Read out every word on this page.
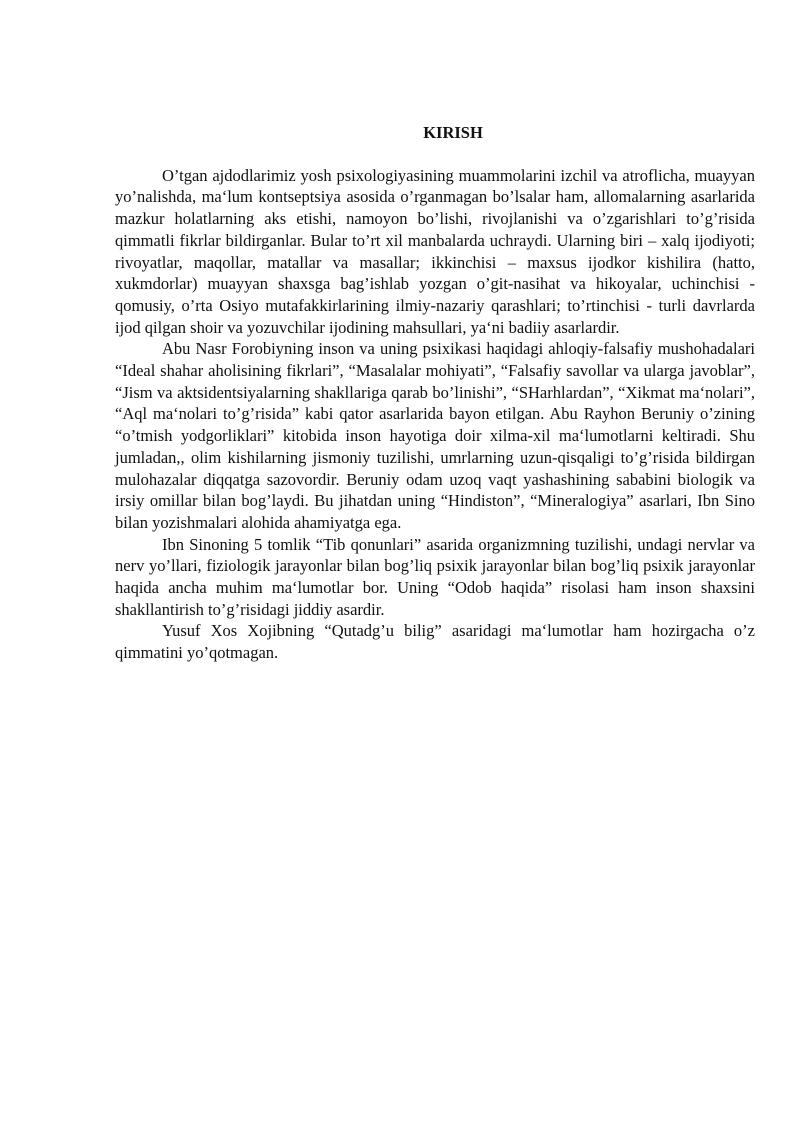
KIRISH

O’tgan ajdodlarimiz yosh psixologiyasining muammolarini izchil va atroflicha, muayyan yo’nalishda, ma‘lum kontseptsiya asosida o’rganmagan bo’lsalar ham, allomalarning asarlarida mazkur holatlarning aks etishi, namoyon bo’lishi, rivojlanishi va o’zgarishlari to’g’risida qimmatli fikrlar bildirganlar. Bular to’rt xil manbalarda uchraydi. Ularning biri – xalq ijodiyoti; rivoyatlar, maqollar, matallar va masallar; ikkinchisi – maxsus ijodkor kishilira (hatto, xukmdorlar) muayyan shaxsga bag’ishlab yozgan o’git-nasihat va hikoyalar, uchinchisi - qomusiy, o’rta Osiyo mutafakkirlarining ilmiy-nazariy qarashlari; to’rtinchisi - turli davrlarda ijod qilgan shoir va yozuvchilar ijodining mahsullari, ya‘ni badiiy asarlardir.

Abu Nasr Forobiyning inson va uning psixikasi haqidagi ahloqiy-falsafiy mushohadalari “Ideal shahar aholisining fikrlari”, “Masalalar mohiyati”, “Falsafiy savollar va ularga javoblar”, “Jism va aktsidentsiyalarning shakllariga qarab bo’linishi”, “SHarhlardan”, “Xikmat ma‘nolari”, “Aql ma‘nolari to’g’risida” kabi qator asarlarida bayon etilgan. Abu Rayhon Beruniy o’zining “o’tmish yodgorliklari” kitobida inson hayotiga doir xilma-xil ma‘lumotlarni keltiradi. Shu jumladan,, olim kishilarning jismoniy tuzilishi, umrlarning uzun-qisqaligi to’g’risida bildirgan mulohazalar diqqatga sazovordir. Beruniy odam uzoq vaqt yashashining sababini biologik va irsiy omillar bilan bog’laydi. Bu jihatdan uning “Hindiston”, “Mineralogiya” asarlari, Ibn Sino bilan yozishmalari alohida ahamiyatga ega.

Ibn Sinoning 5 tomlik “Tib qonunlari” asarida organizmning tuzilishi, undagi nervlar va nerv yo’llari, fiziologik jarayonlar bilan bog’liq psixik jarayonlar bilan bog’liq psixik jarayonlar haqida ancha muhim ma‘lumotlar bor. Uning “Odob haqida” risolasi ham inson shaxsini shakllantirish to’g’risidagi jiddiy asardir.

Yusuf Xos Xojibning “Qutadg’u bilig” asaridagi ma‘lumotlar ham hozirgacha o’z qimmatini yo’qotmagan.
